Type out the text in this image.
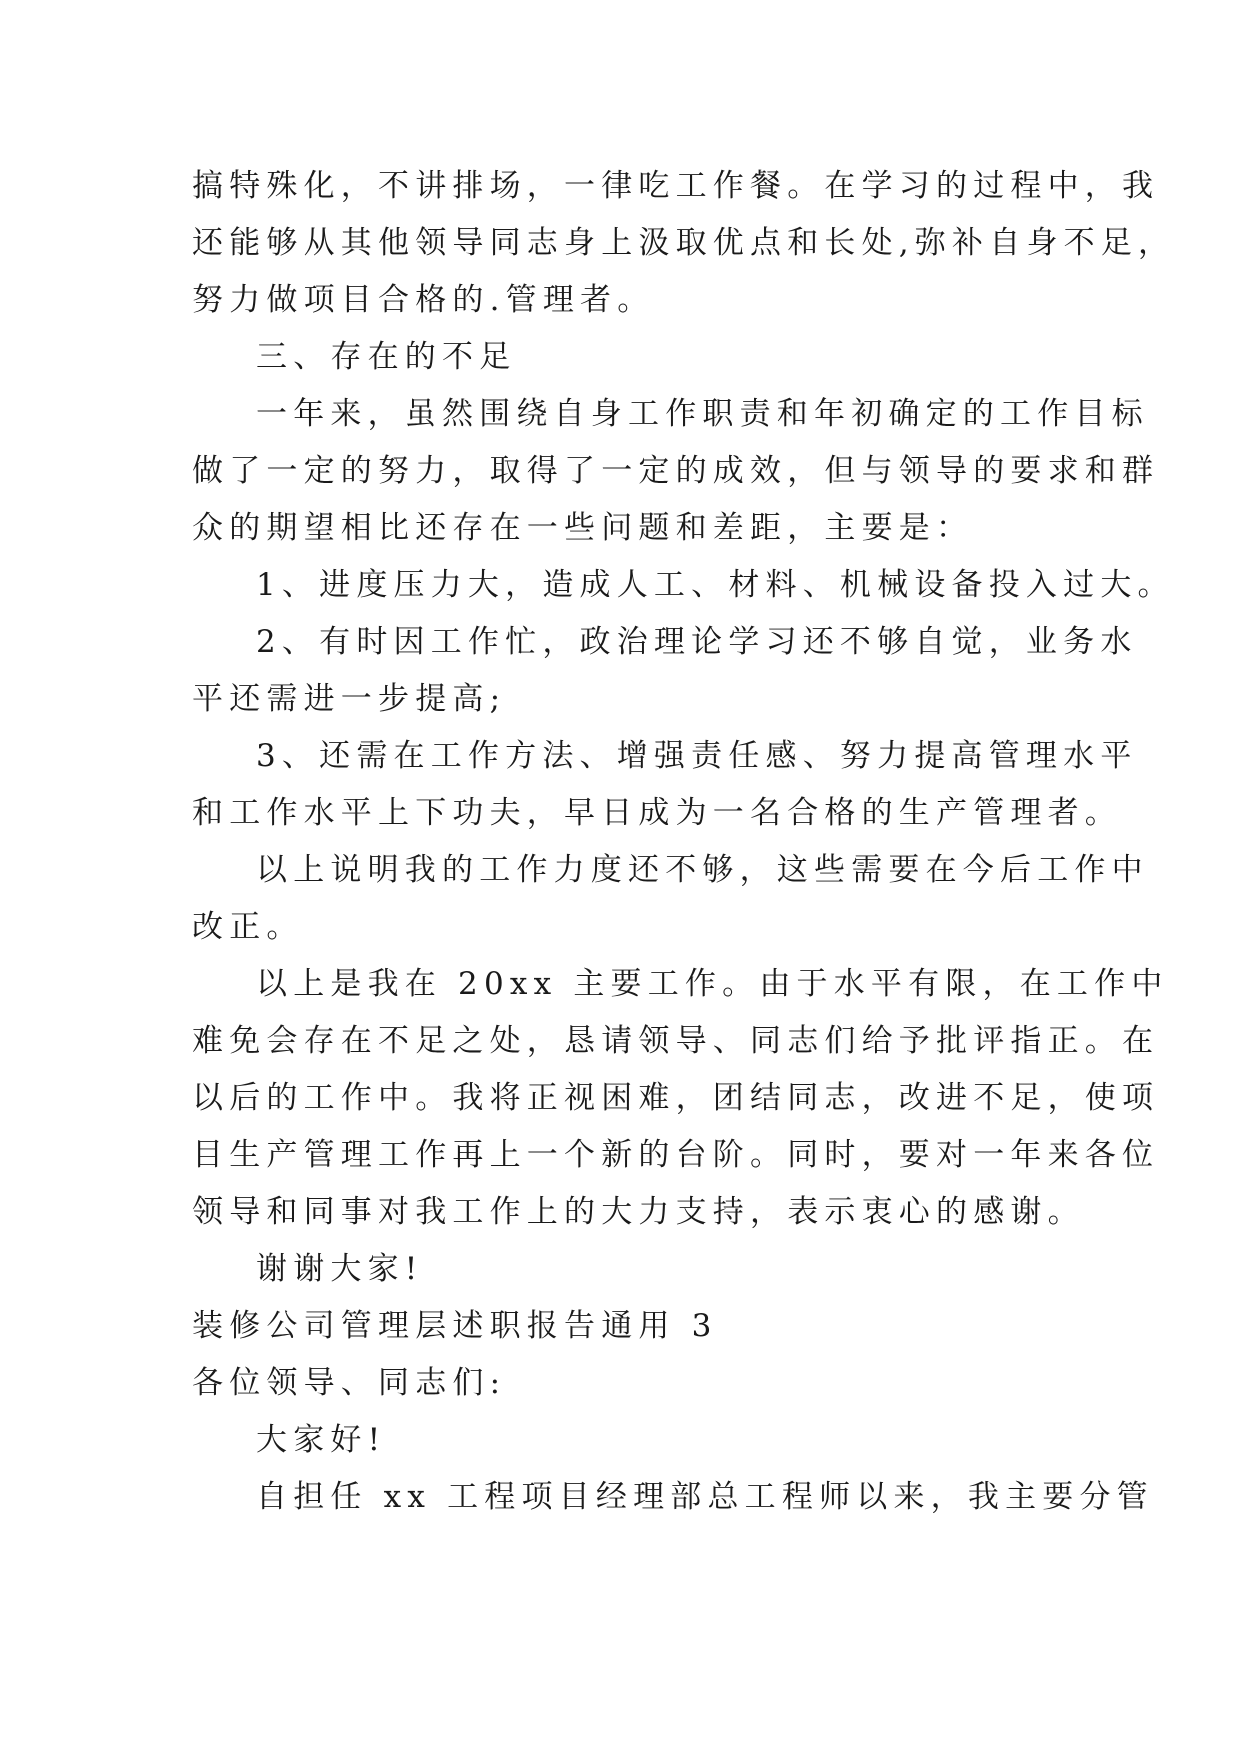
搞特殊化，不讲排场，一律吃工作餐。在学习的过程中，我
还能够从其他领导同志身上汲取优点和长处,弥补自身不足，
努力做项目合格的.管理者。
三、存在的不足
一年来，虽然围绕自身工作职责和年初确定的工作目标
做了一定的努力，取得了一定的成效，但与领导的要求和群
众的期望相比还存在一些问题和差距，主要是：
1、进度压力大，造成人工、材料、机械设备投入过大。
2、有时因工作忙，政治理论学习还不够自觉，业务水
平还需进一步提高;
3、还需在工作方法、增强责任感、努力提高管理水平
和工作水平上下功夫，早日成为一名合格的生产管理者。
以上说明我的工作力度还不够，这些需要在今后工作中
改正。
以上是我在 20xx 主要工作。由于水平有限，在工作中
难免会存在不足之处，恳请领导、同志们给予批评指正。在
以后的工作中。我将正视困难，团结同志，改进不足，使项
目生产管理工作再上一个新的台阶。同时，要对一年来各位
领导和同事对我工作上的大力支持，表示衷心的感谢。
谢谢大家!
装修公司管理层述职报告通用 3
各位领导、同志们:
大家好!
自担任 xx 工程项目经理部总工程师以来，我主要分管
